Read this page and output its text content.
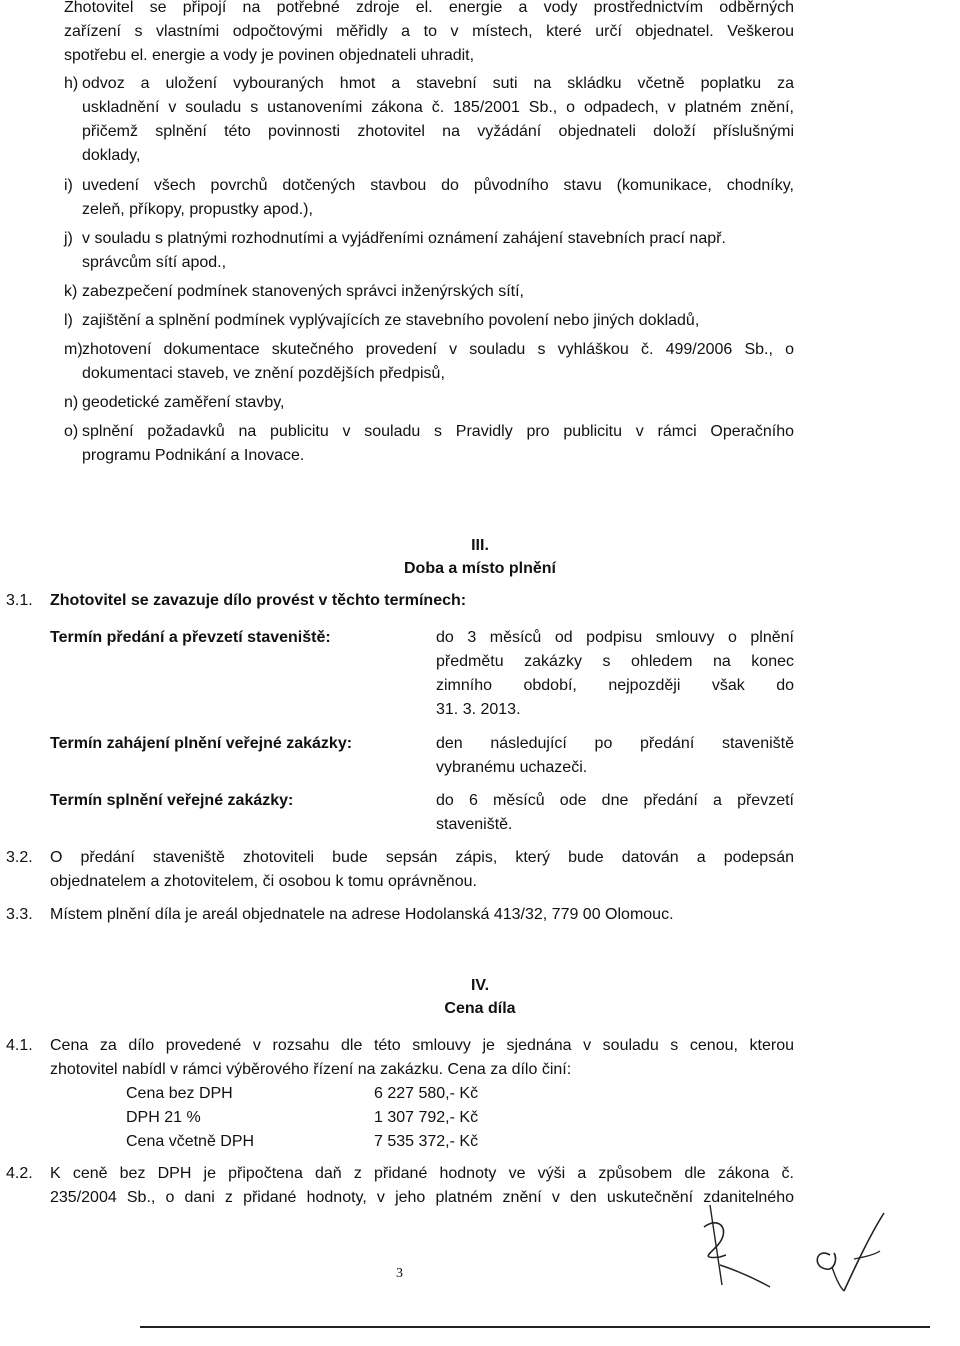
Zhotovitel se připojí na potřebné zdroje el. energie a vody prostřednictvím odběrných
zařízení s vlastními odpočtovými měřidly a to v místech, které určí objednatel. Veškerou
spotřebu el. energie a vody je povinen objednateli uhradit,
h) odvoz a uložení vybouraných hmot a stavební suti na skládku včetně poplatku za
uskladnění v souladu s ustanoveními zákona č. 185/2001 Sb., o odpadech, v platném znění,
přičemž splnění této povinnosti zhotovitel na vyžádání objednateli doloží příslušnými
doklady,
i) uvedení všech povrchů dotčených stavbou do původního stavu (komunikace, chodníky,
zeleň, příkopy, propustky apod.),
j) v souladu s platnými rozhodnutími a vyjádřeními oznámení zahájení stavebních prací např.
správcům sítí apod.,
k) zabezpečení podmínek stanovených správci inženýrských sítí,
l) zajištění a splnění podmínek vyplývajících ze stavebního povolení nebo jiných dokladů,
m) zhotovení dokumentace skutečného provedení v souladu s vyhláškou č. 499/2006 Sb., o
dokumentaci staveb, ve znění pozdějších předpisů,
n) geodetické zaměření stavby,
o) splnění požadavků na publicitu v souladu s Pravidly pro publicitu v rámci Operačního
programu Podnikání a Inovace.
III.
Doba a místo plnění
3.1. Zhotovitel se zavazuje dílo provést v těchto termínech:
Termín předání a převzetí staveniště:	do 3 měsíců od podpisu smlouvy o plnění
předmětu zakázky s ohledem na konec
zimního období, nejpozději však do
31. 3. 2013.
Termín zahájení plnění veřejné zakázky:	den následující po předání staveniště
vybranému uchazeči.
Termín splnění veřejné zakázky:	do 6 měsíců ode dne předání a převzetí
staveniště.
3.2. O předání staveniště zhotoviteli bude sepsán zápis, který bude datován a podepsán
objednatelem a zhotovitelem, či osobou k tomu oprávněnou.
3.3. Místem plnění díla je areál objednatele na adrese Hodolanská 413/32, 779 00 Olomouc.
IV.
Cena díla
4.1. Cena za dílo provedené v rozsahu dle této smlouvy je sjednána v souladu s cenou, kterou
zhotovitel nabídl v rámci výběrového řízení na zakázku. Cena za dílo činí:
Cena bez DPH	6 227 580,- Kč
DPH 21 %	1 307 792,- Kč
Cena včetně DPH	7 535 372,- Kč
4.2. K ceně bez DPH je připočtena daň z přidané hodnoty ve výši a způsobem dle zákona č.
235/2004 Sb., o dani z přidané hodnoty, v jeho platném znění v den uskutečnění zdanitelného
3
